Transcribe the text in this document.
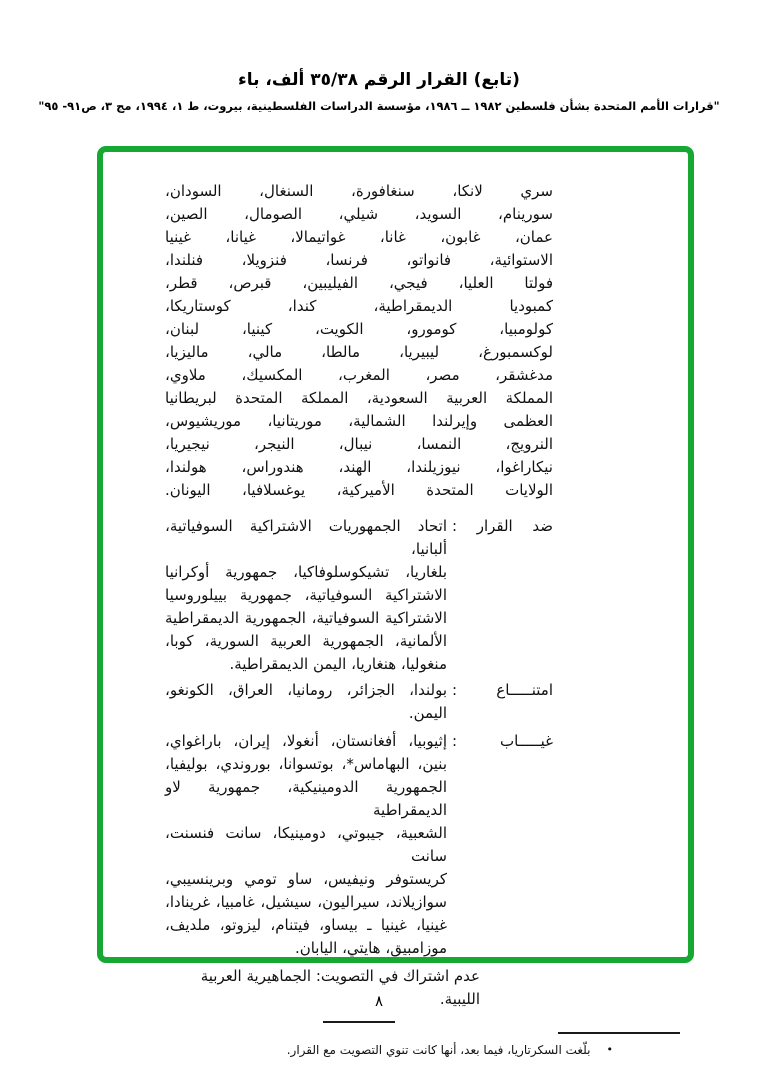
(تابع) القرار الرقم ٣٥/٣٨ ألف، باء
"قرارات الأمم المتحدة بشأن فلسطين ١٩٨٢ ــ ١٩٨٦، مؤسسة الدراسات الفلسطينية، بيروت، ط ١، ١٩٩٤، مج ٣، ص٩١- ٩٥"
سري لانكا، سنغافورة، السنغال، السودان،
سورينام، السويد، شيلي، الصومال، الصين،
عمان، غابون، غانا، غواتيمالا، غيانا، غينيا
الاستوائية، فانواتو، فرنسا، فنزويلا، فنلندا،
فولتا العليا، فيجي، الفيليبين، قبرص، قطر،
كمبوديا الديمقراطية، كندا، كوستاريكا،
كولومبيا، كومورو، الكويت، كينيا، لبنان،
لوكسمبورغ، ليبيريا، مالطا، مالي، ماليزيا،
مدغشقر، مصر، المغرب، المكسيك، ملاوي،
المملكة العربية السعودية، المملكة المتحدة لبريطانيا
العظمى وإيرلندا الشمالية، موريتانيا، موريشيوس،
النرويج، النمسا، نيبال، النيجر، نيجيريا،
نيكاراغوا، نيوزيلندا، الهند، هندوراس، هولندا،
الولايات المتحدة الأميركية، يوغسلافيا، اليونان.
ضد القرار :
اتحاد الجمهوريات الاشتراكية السوفياتية، ألبانيا،
بلغاريا، تشيكوسلوفاكيا، جمهورية أوكرانيا
الاشتراكية السوفياتية، جمهورية بييلوروسيا
الاشتراكية السوفياتية، الجمهورية الديمقراطية
الألمانية، الجمهورية العربية السورية، كوبا،
منغوليا، هنغاريا، اليمن الديمقراطية.
امتنـــــاع :
بولندا، الجزائر، رومانيا، العراق، الكونغو، اليمن.
غيـــــاب :
إثيوبيا، أفغانستان، أنغولا، إيران، باراغواي،
بنين، البهاماس*، بوتسوانا، بوروندي، بوليفيا،
الجمهورية الدومينيكية، جمهورية لاو الديمقراطية
الشعبية، جيبوتي، دومينيكا، سانت فنسنت، سانت
كريستوفر ونيفيس، ساو تومي وبرينسيبي،
سوازيلاند، سيراليون، سيشيل، غامبيا، غرينادا،
غينيا، غينيا ـ بيساو، فيتنام، ليزوتو، ملديف،
موزامبيق، هايتي، اليابان.
عدم اشتراك في التصويت: الجماهيرية العربية الليبية.
•
بلّغت السكرتاريا، فيما بعد، أنها كانت تنوي التصويت مع القرار.
٨
